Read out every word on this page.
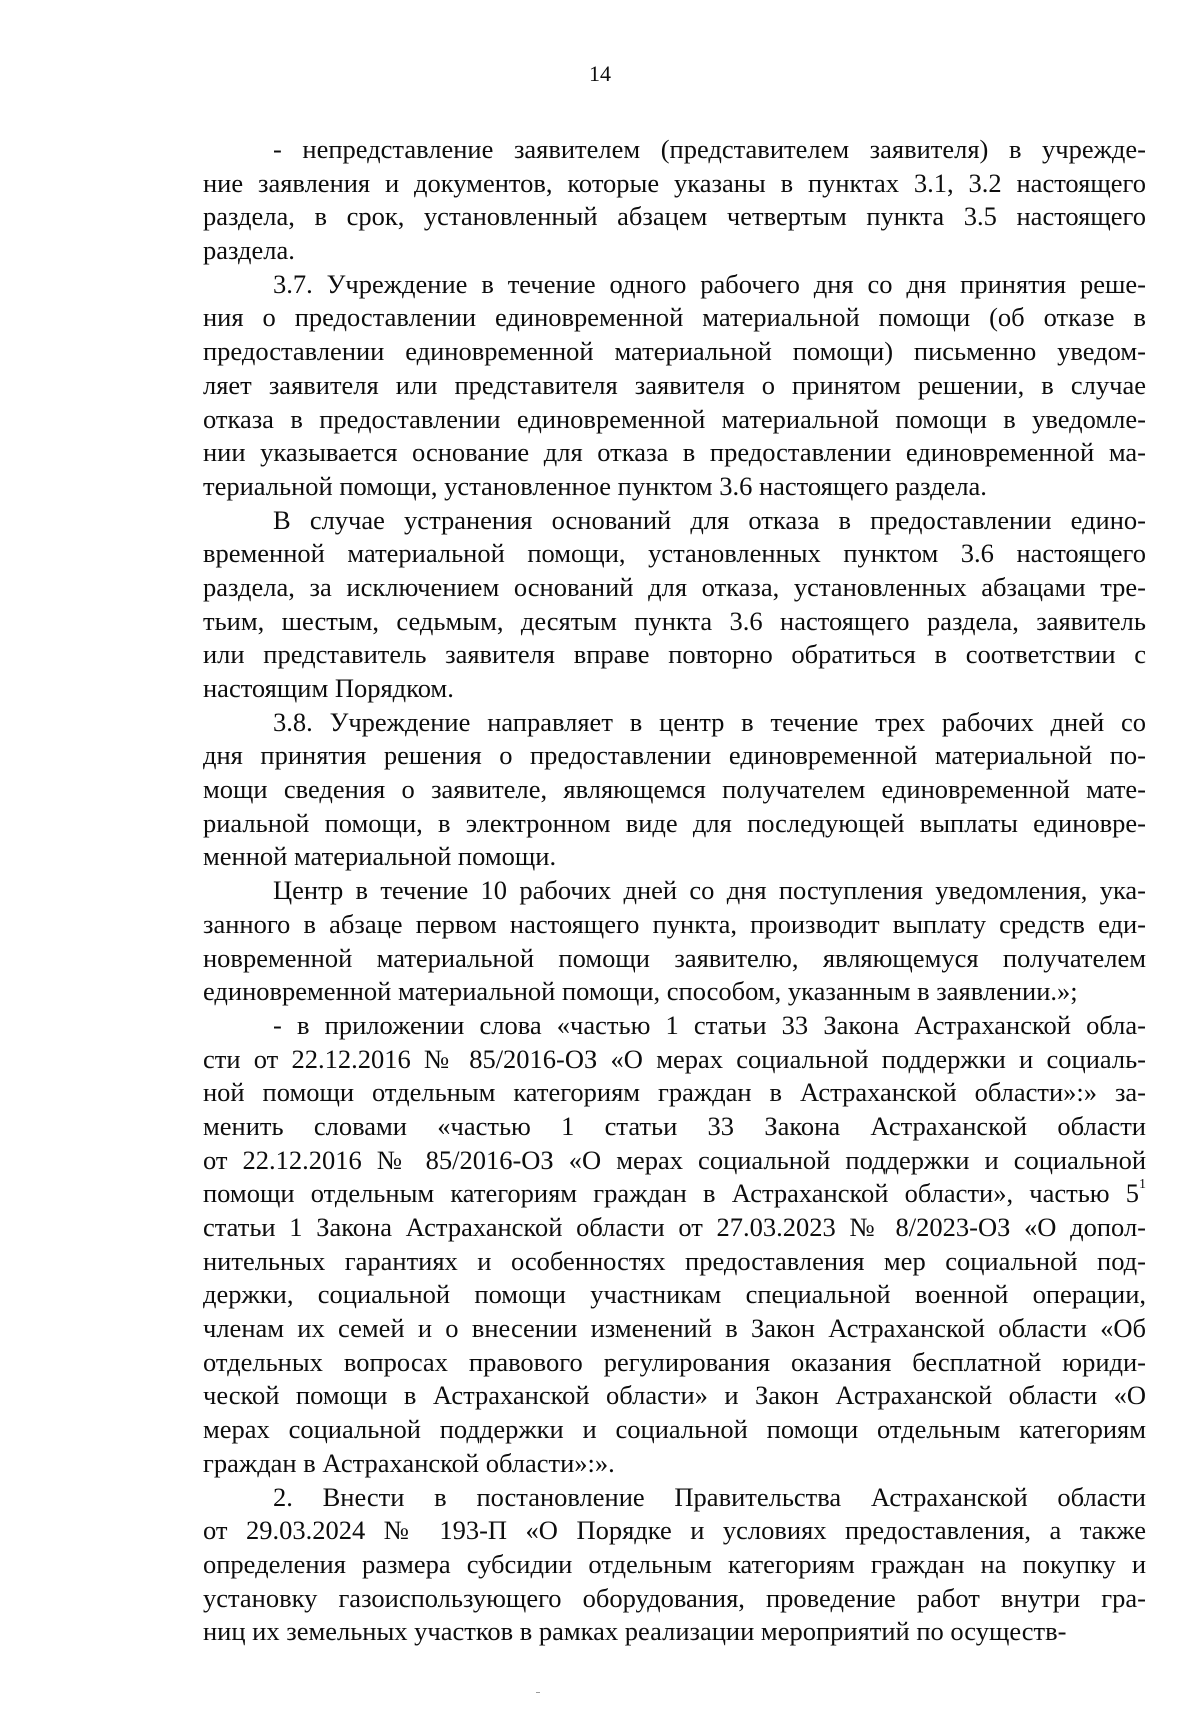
14

- непредставление заявителем (представителем заявителя) в учрежде-
ние заявления и документов, которые указаны в пунктах 3.1, 3.2 настоящего
раздела, в срок, установленный абзацем четвертым пункта 3.5 настоящего
раздела.
3.7. Учреждение в течение одного рабочего дня со дня принятия реше-
ния о предоставлении единовременной материальной помощи (об отказе в
предоставлении единовременной материальной помощи) письменно уведом-
ляет заявителя или представителя заявителя о принятом решении, в случае
отказа в предоставлении единовременной материальной помощи в уведомле-
нии указывается основание для отказа в предоставлении единовременной ма-
териальной помощи, установленное пунктом 3.6 настоящего раздела.
В случае устранения оснований для отказа в предоставлении едино-
временной материальной помощи, установленных пунктом 3.6 настоящего
раздела, за исключением оснований для отказа, установленных абзацами тре-
тьим, шестым, седьмым, десятым пункта 3.6 настоящего раздела, заявитель
или представитель заявителя вправе повторно обратиться в соответствии с
настоящим Порядком.
3.8. Учреждение направляет в центр в течение трех рабочих дней со
дня принятия решения о предоставлении единовременной материальной по-
мощи сведения о заявителе, являющемся получателем единовременной мате-
риальной помощи, в электронном виде для последующей выплаты единовре-
менной материальной помощи.
Центр в течение 10 рабочих дней со дня поступления уведомления, ука-
занного в абзаце первом настоящего пункта, производит выплату средств еди-
новременной материальной помощи заявителю, являющемуся получателем
единовременной материальной помощи, способом, указанным в заявлении.»;
- в приложении слова «частью 1 статьи 33 Закона Астраханской обла-
сти от 22.12.2016 № 85/2016-ОЗ «О мерах социальной поддержки и социаль-
ной помощи отдельным категориям граждан в Астраханской области»:» за-
менить словами «частью 1 статьи 33 Закона Астраханской области
от 22.12.2016 № 85/2016-ОЗ «О мерах социальной поддержки и социальной
помощи отдельным категориям граждан в Астраханской области», частью $5^1$
статьи 1 Закона Астраханской области от 27.03.2023 № 8/2023-ОЗ «О допол-
нительных гарантиях и особенностях предоставления мер социальной под-
держки, социальной помощи участникам специальной военной операции,
членам их семей и о внесении изменений в Закон Астраханской области «Об
отдельных вопросах правового регулирования оказания бесплатной юриди-
ческой помощи в Астраханской области» и Закон Астраханской области «О
мерах социальной поддержки и социальной помощи отдельным категориям
граждан в Астраханской области»:».
2. Внести в постановление Правительства Астраханской области
от 29.03.2024 № 193-П «О Порядке и условиях предоставления, а также
определения размера субсидии отдельным категориям граждан на покупку и
установку газоиспользующего оборудования, проведение работ внутри гра-
ниц их земельных участков в рамках реализации мероприятий по осуществ-
